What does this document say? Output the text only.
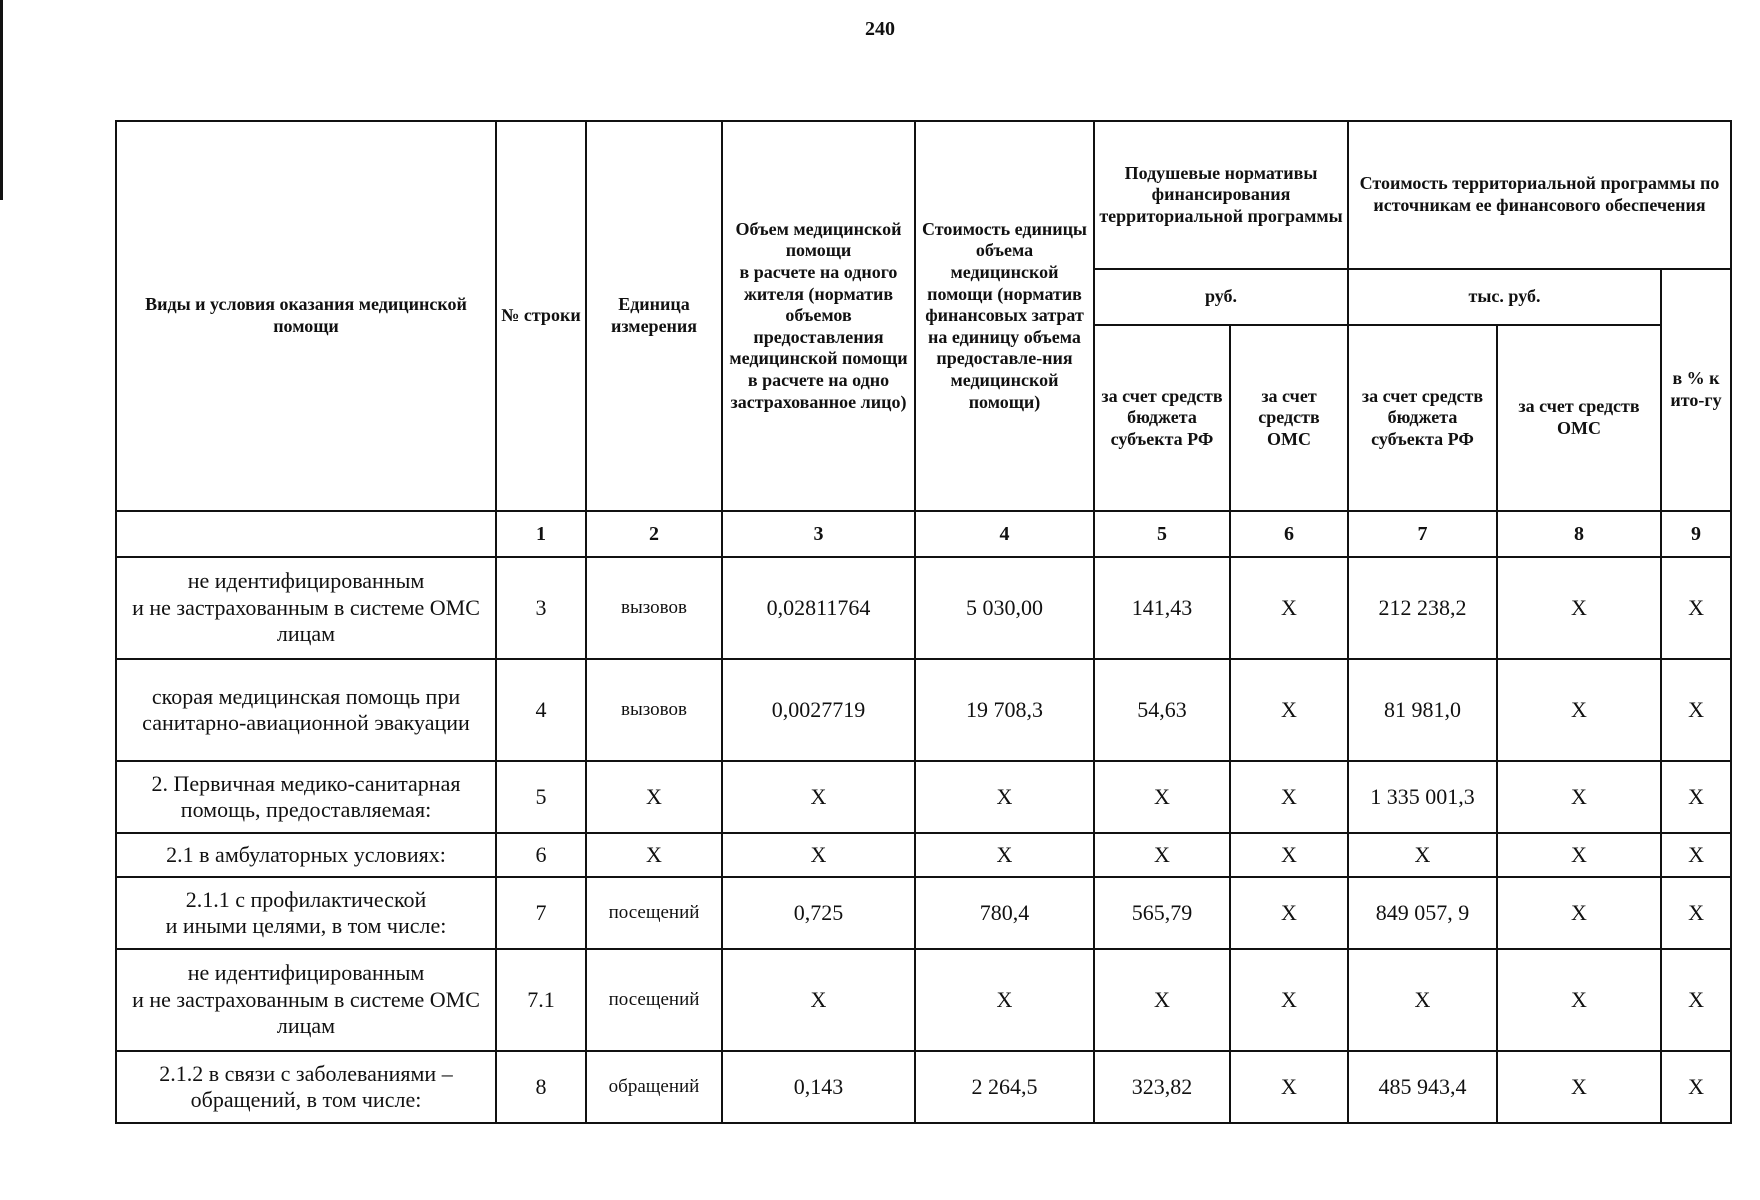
240
Виды и условия оказания медицинской помощи	№ строки	Единица измерения	Объем медицинской помощи
в расчете на одного жителя (норматив объемов предоставления медицинской помощи в расчете на одно застрахованное лицо)	Стоимость единицы объема медицинской помощи (норматив финансовых затрат
на единицу объема предоставле-ния медицинской помощи)	Подушевые нормативы финансирования территориальной программы		Стоимость территориальной программы по источникам ее финансового обеспечения		
					руб.		тыс. руб.		в % к ито-гу
					за счет средств бюджета субъекта РФ	за счет средств ОМС	за счет средств бюджета субъекта РФ	за счет средств ОМС	
	1	2	3	4	5	6	7	8	9
не идентифицированным
и не застрахованным в системе ОМС лицам	3	вызовов	0,02811764	5 030,00	141,43	X	212 238,2	X	X
скорая медицинская помощь при санитарно-авиационной эвакуации	4	вызовов	0,0027719	19 708,3	54,63	X	81 981,0	X	X
2. Первичная медико-санитарная помощь, предоставляемая:	5	X	X	X	X	X	1 335 001,3	X	X
2.1 в амбулаторных условиях:	6	X	X	X	X	X	X	X	X
2.1.1 с профилактической
и иными целями, в том числе:	7	посещений	0,725	780,4	565,79	X	849 057, 9	X	X
не идентифицированным
и не застрахованным в системе ОМС лицам	7.1	посещений	X	X	X	X	X	X	X
2.1.2 в связи с заболеваниями – обращений, в том числе:	8	обращений	0,143	2 264,5	323,82	X	485 943,4	X	X
